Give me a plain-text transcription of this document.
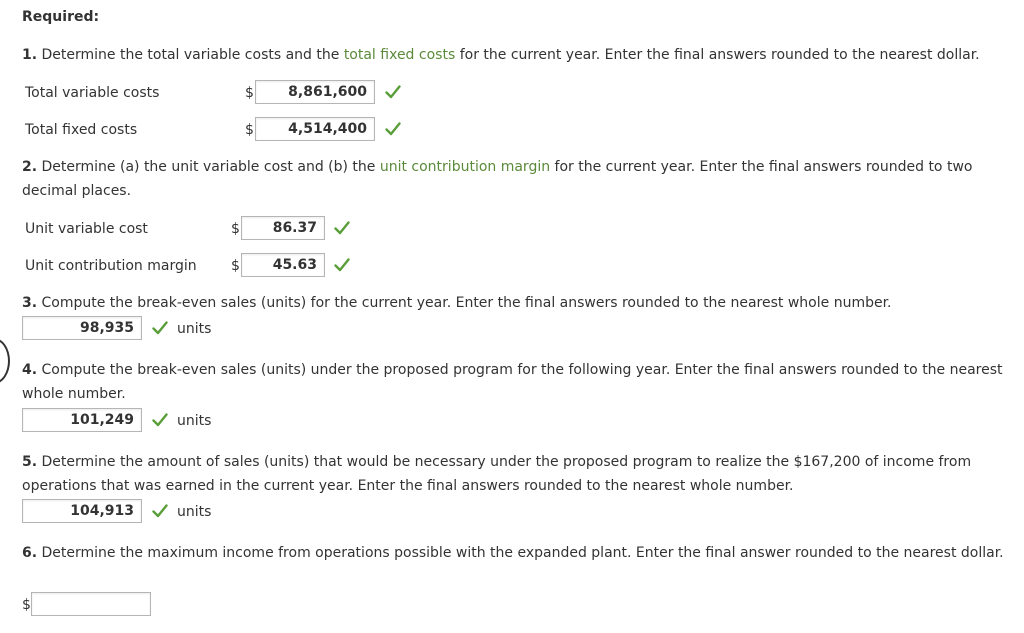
Required:
1. Determine the total variable costs and the total fixed costs for the current year. Enter the final answers rounded to the nearest dollar.
Total variable costs	$	8,861,600
Total fixed costs	$	4,514,400
2. Determine (a) the unit variable cost and (b) the unit contribution margin for the current year. Enter the final answers rounded to two decimal places.
Unit variable cost	$	86.37
Unit contribution margin $	45.63
3. Compute the break-even sales (units) for the current year. Enter the final answers rounded to the nearest whole number.
98,935	units
4. Compute the break-even sales (units) under the proposed program for the following year. Enter the final answers rounded to the nearest whole number.
101,249	units
5. Determine the amount of sales (units) that would be necessary under the proposed program to realize the $167,200 of income from operations that was earned in the current year. Enter the final answers rounded to the nearest whole number.
104,913	units
6. Determine the maximum income from operations possible with the expanded plant. Enter the final answer rounded to the nearest dollar.
$
